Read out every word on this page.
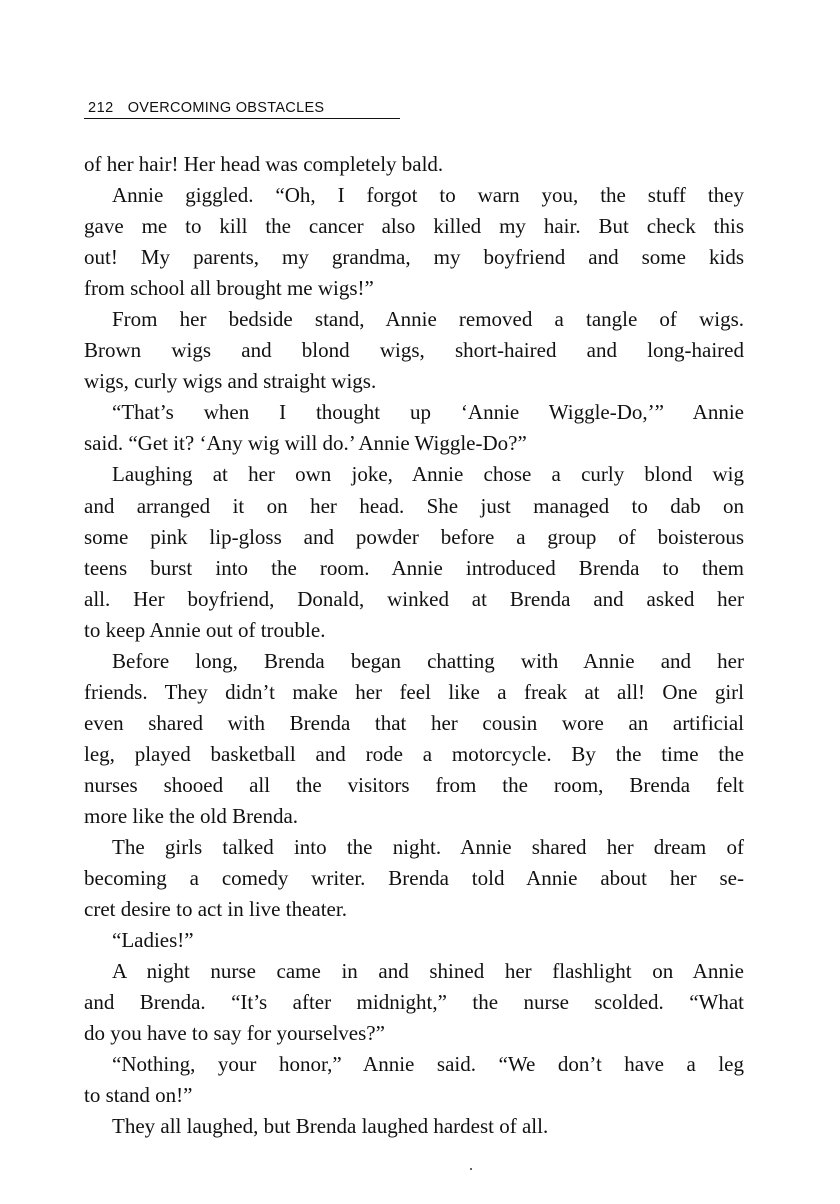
212 OVERCOMING OBSTACLES
of her hair! Her head was completely bald.
Annie giggled. “Oh, I forgot to warn you, the stuff they
gave me to kill the cancer also killed my hair. But check this
out! My parents, my grandma, my boyfriend and some kids
from school all brought me wigs!”
From her bedside stand, Annie removed a tangle of wigs.
Brown wigs and blond wigs, short-haired and long-haired
wigs, curly wigs and straight wigs.
“That’s when I thought up ‘Annie Wiggle-Do,’” Annie
said. “Get it? ‘Any wig will do.’ Annie Wiggle-Do?”
Laughing at her own joke, Annie chose a curly blond wig
and arranged it on her head. She just managed to dab on
some pink lip-gloss and powder before a group of boisterous
teens burst into the room. Annie introduced Brenda to them
all. Her boyfriend, Donald, winked at Brenda and asked her
to keep Annie out of trouble.
Before long, Brenda began chatting with Annie and her
friends. They didn’t make her feel like a freak at all! One girl
even shared with Brenda that her cousin wore an artificial
leg, played basketball and rode a motorcycle. By the time the
nurses shooed all the visitors from the room, Brenda felt
more like the old Brenda.
The girls talked into the night. Annie shared her dream of
becoming a comedy writer. Brenda told Annie about her se-
cret desire to act in live theater.
“Ladies!”
A night nurse came in and shined her flashlight on Annie
and Brenda. “It’s after midnight,” the nurse scolded. “What
do you have to say for yourselves?”
“Nothing, your honor,” Annie said. “We don’t have a leg
to stand on!”
They all laughed, but Brenda laughed hardest of all.
